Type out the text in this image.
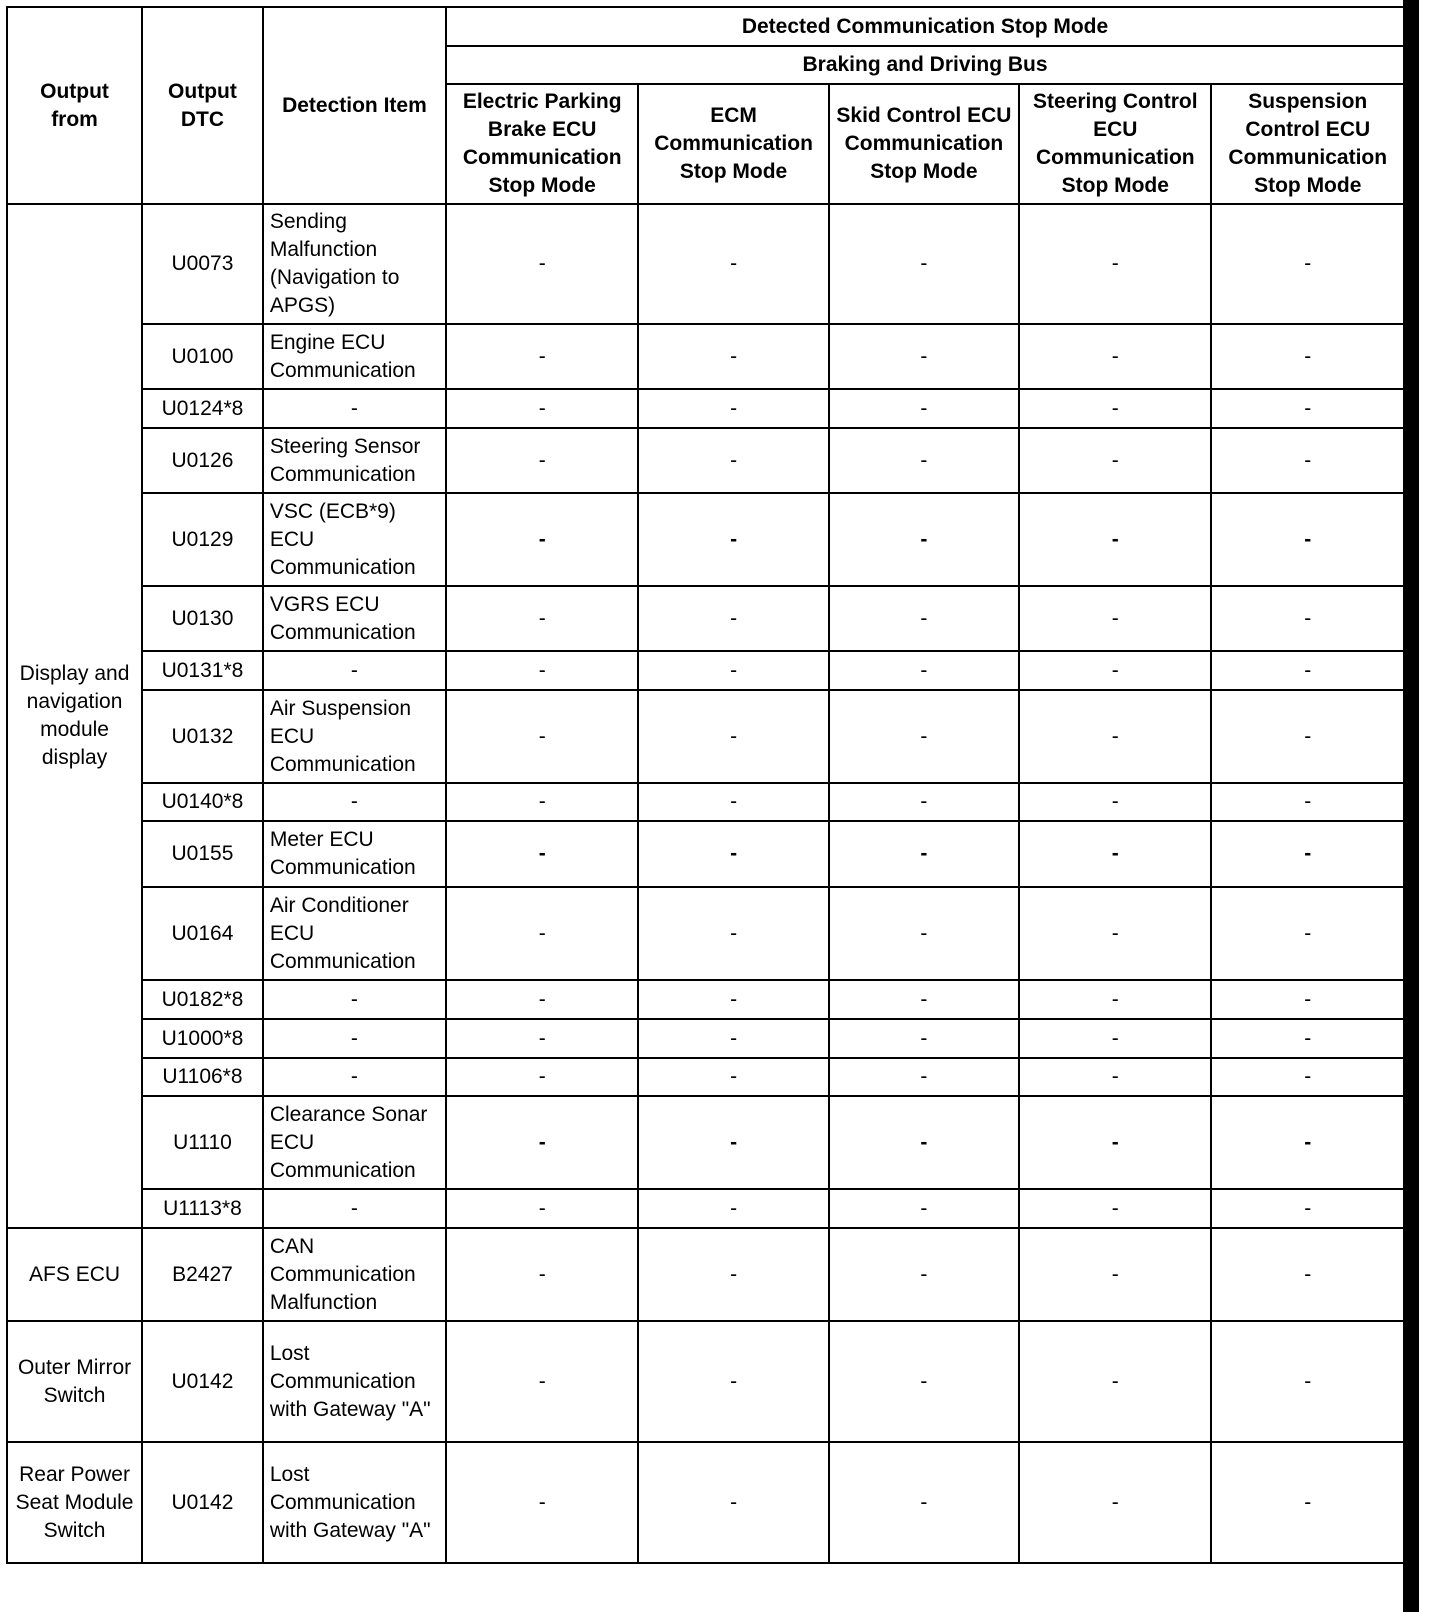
Output from	Output DTC	Detection Item	Detected Communication Stop Mode				
			Braking and Driving Bus				
			Electric Parking Brake ECU Communication Stop Mode	ECM Communication Stop Mode	Skid Control ECU Communication Stop Mode	Steering Control ECU Communication Stop Mode	Suspension Control ECU Communication Stop Mode
Display and navigation module display	U0073	Sending Malfunction (Navigation to APGS)	-	-	-	-	-
	U0100	Engine ECU Communication	-	-	-	-	-
	U0124*8	-	-	-	-	-	-
	U0126	Steering Sensor Communication	-	-	-	-	-
	U0129	VSC (ECB*9) ECU Communication	-	-	-	-	-
	U0130	VGRS ECU Communication	-	-	-	-	-
	U0131*8	-	-	-	-	-	-
	U0132	Air Suspension ECU Communication	-	-	-	-	-
	U0140*8	-	-	-	-	-	-
	U0155	Meter ECU Communication	-	-	-	-	-
	U0164	Air Conditioner ECU Communication	-	-	-	-	-
	U0182*8	-	-	-	-	-	-
	U1000*8	-	-	-	-	-	-
	U1106*8	-	-	-	-	-	-
	U1110	Clearance Sonar ECU Communication	-	-	-	-	-
	U1113*8	-	-	-	-	-	-
AFS ECU	B2427	CAN Communication Malfunction	-	-	-	-	-
Outer Mirror Switch	U0142	Lost Communication with Gateway "A"	-	-	-	-	-
Rear Power Seat Module Switch	U0142	Lost Communication with Gateway "A"	-	-	-	-	-
